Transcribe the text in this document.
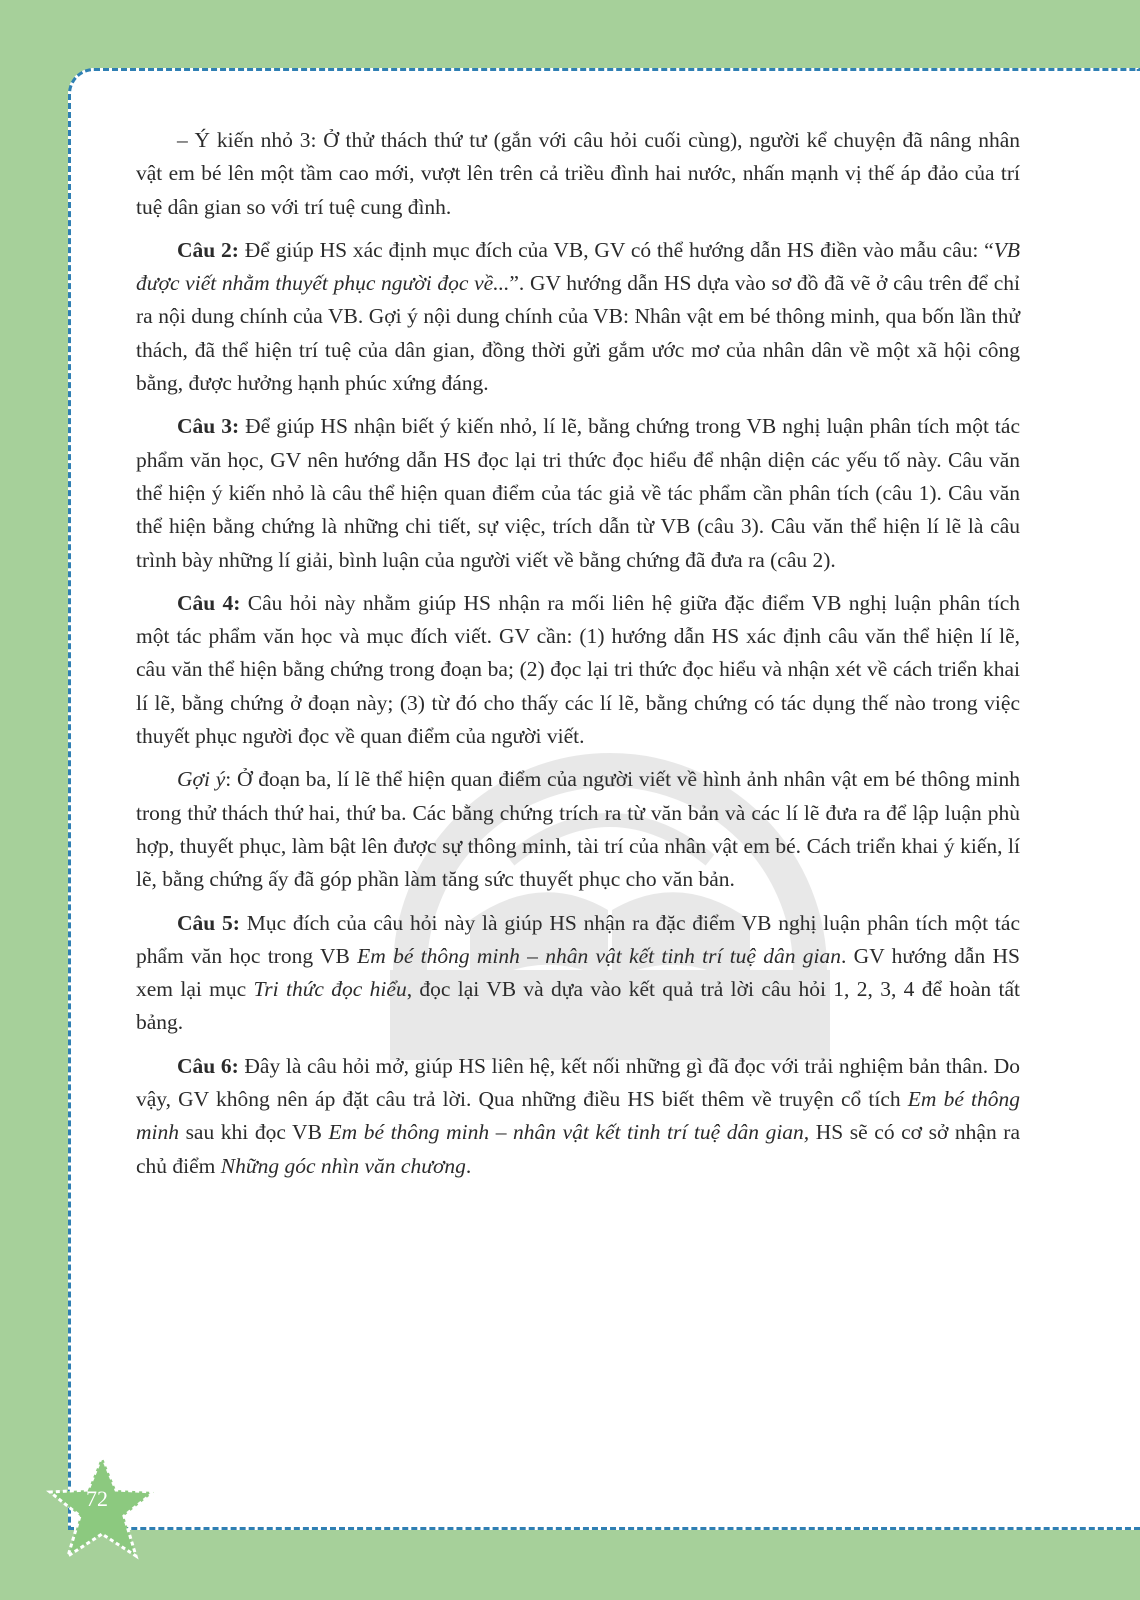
– Ý kiến nhỏ 3: Ở thử thách thứ tư (gắn với câu hỏi cuối cùng), người kể chuyện đã nâng nhân vật em bé lên một tầm cao mới, vượt lên trên cả triều đình hai nước, nhấn mạnh vị thế áp đảo của trí tuệ dân gian so với trí tuệ cung đình.

Câu 2: Để giúp HS xác định mục đích của VB, GV có thể hướng dẫn HS điền vào mẫu câu: “VB được viết nhằm thuyết phục người đọc về...”. GV hướng dẫn HS dựa vào sơ đồ đã vẽ ở câu trên để chỉ ra nội dung chính của VB. Gợi ý nội dung chính của VB: Nhân vật em bé thông minh, qua bốn lần thử thách, đã thể hiện trí tuệ của dân gian, đồng thời gửi gắm ước mơ của nhân dân về một xã hội công bằng, được hưởng hạnh phúc xứng đáng.

Câu 3: Để giúp HS nhận biết ý kiến nhỏ, lí lẽ, bằng chứng trong VB nghị luận phân tích một tác phẩm văn học, GV nên hướng dẫn HS đọc lại tri thức đọc hiểu để nhận diện các yếu tố này. Câu văn thể hiện ý kiến nhỏ là câu thể hiện quan điểm của tác giả về tác phẩm cần phân tích (câu 1). Câu văn thể hiện bằng chứng là những chi tiết, sự việc, trích dẫn từ VB (câu 3). Câu văn thể hiện lí lẽ là câu trình bày những lí giải, bình luận của người viết về bằng chứng đã đưa ra (câu 2).

Câu 4: Câu hỏi này nhằm giúp HS nhận ra mối liên hệ giữa đặc điểm VB nghị luận phân tích một tác phẩm văn học và mục đích viết. GV cần: (1) hướng dẫn HS xác định câu văn thể hiện lí lẽ, câu văn thể hiện bằng chứng trong đoạn ba; (2) đọc lại tri thức đọc hiểu và nhận xét về cách triển khai lí lẽ, bằng chứng ở đoạn này; (3) từ đó cho thấy các lí lẽ, bằng chứng có tác dụng thế nào trong việc thuyết phục người đọc về quan điểm của người viết.

Gợi ý: Ở đoạn ba, lí lẽ thể hiện quan điểm của người viết về hình ảnh nhân vật em bé thông minh trong thử thách thứ hai, thứ ba. Các bằng chứng trích ra từ văn bản và các lí lẽ đưa ra để lập luận phù hợp, thuyết phục, làm bật lên được sự thông minh, tài trí của nhân vật em bé. Cách triển khai ý kiến, lí lẽ, bằng chứng ấy đã góp phần làm tăng sức thuyết phục cho văn bản.

Câu 5: Mục đích của câu hỏi này là giúp HS nhận ra đặc điểm VB nghị luận phân tích một tác phẩm văn học trong VB Em bé thông minh – nhân vật kết tinh trí tuệ dân gian. GV hướng dẫn HS xem lại mục Tri thức đọc hiểu, đọc lại VB và dựa vào kết quả trả lời câu hỏi 1, 2, 3, 4 để hoàn tất bảng.

Câu 6: Đây là câu hỏi mở, giúp HS liên hệ, kết nối những gì đã đọc với trải nghiệm bản thân. Do vậy, GV không nên áp đặt câu trả lời. Qua những điều HS biết thêm về truyện cổ tích Em bé thông minh sau khi đọc VB Em bé thông minh – nhân vật kết tinh trí tuệ dân gian, HS sẽ có cơ sở nhận ra chủ điểm Những góc nhìn văn chương.

72
